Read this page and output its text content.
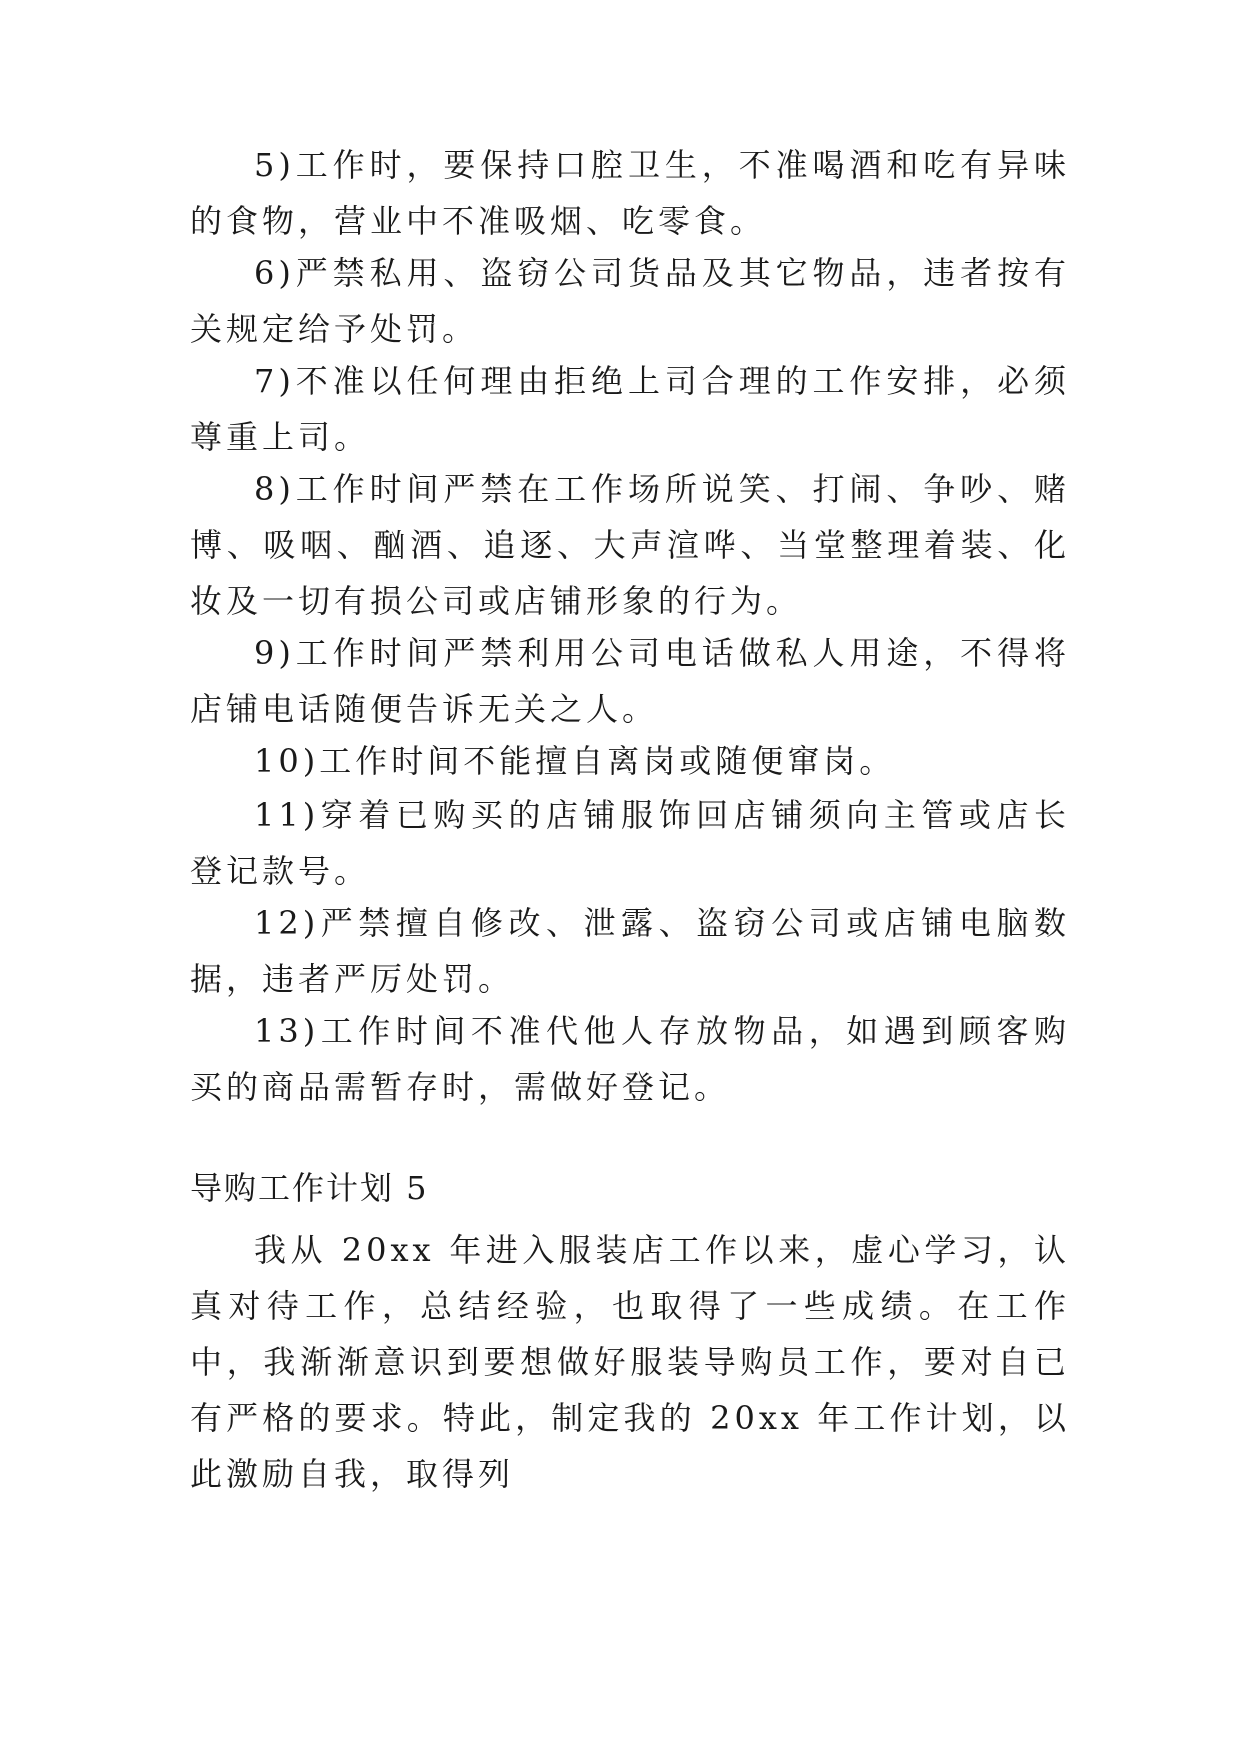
5)工作时，要保持口腔卫生，不准喝酒和吃有异味的食物，营业中不准吸烟、吃零食。

6)严禁私用、盗窃公司货品及其它物品，违者按有关规定给予处罚。

7)不准以任何理由拒绝上司合理的工作安排，必须尊重上司。

8)工作时间严禁在工作场所说笑、打闹、争吵、赌博、吸咽、酗酒、追逐、大声渲哗、当堂整理着装、化妆及一切有损公司或店铺形象的行为。

9)工作时间严禁利用公司电话做私人用途，不得将店铺电话随便告诉无关之人。

10)工作时间不能擅自离岗或随便窜岗。

11)穿着已购买的店铺服饰回店铺须向主管或店长登记款号。

12)严禁擅自修改、泄露、盗窃公司或店铺电脑数据，违者严厉处罚。

13)工作时间不准代他人存放物品，如遇到顾客购买的商品需暂存时，需做好登记。

导购工作计划 5

我从 20xx 年进入服装店工作以来，虚心学习，认真对待工作，总结经验，也取得了一些成绩。在工作中，我渐渐意识到要想做好服装导购员工作，要对自已有严格的要求。特此，制定我的 20xx 年工作计划，以此激励自我，取得列
